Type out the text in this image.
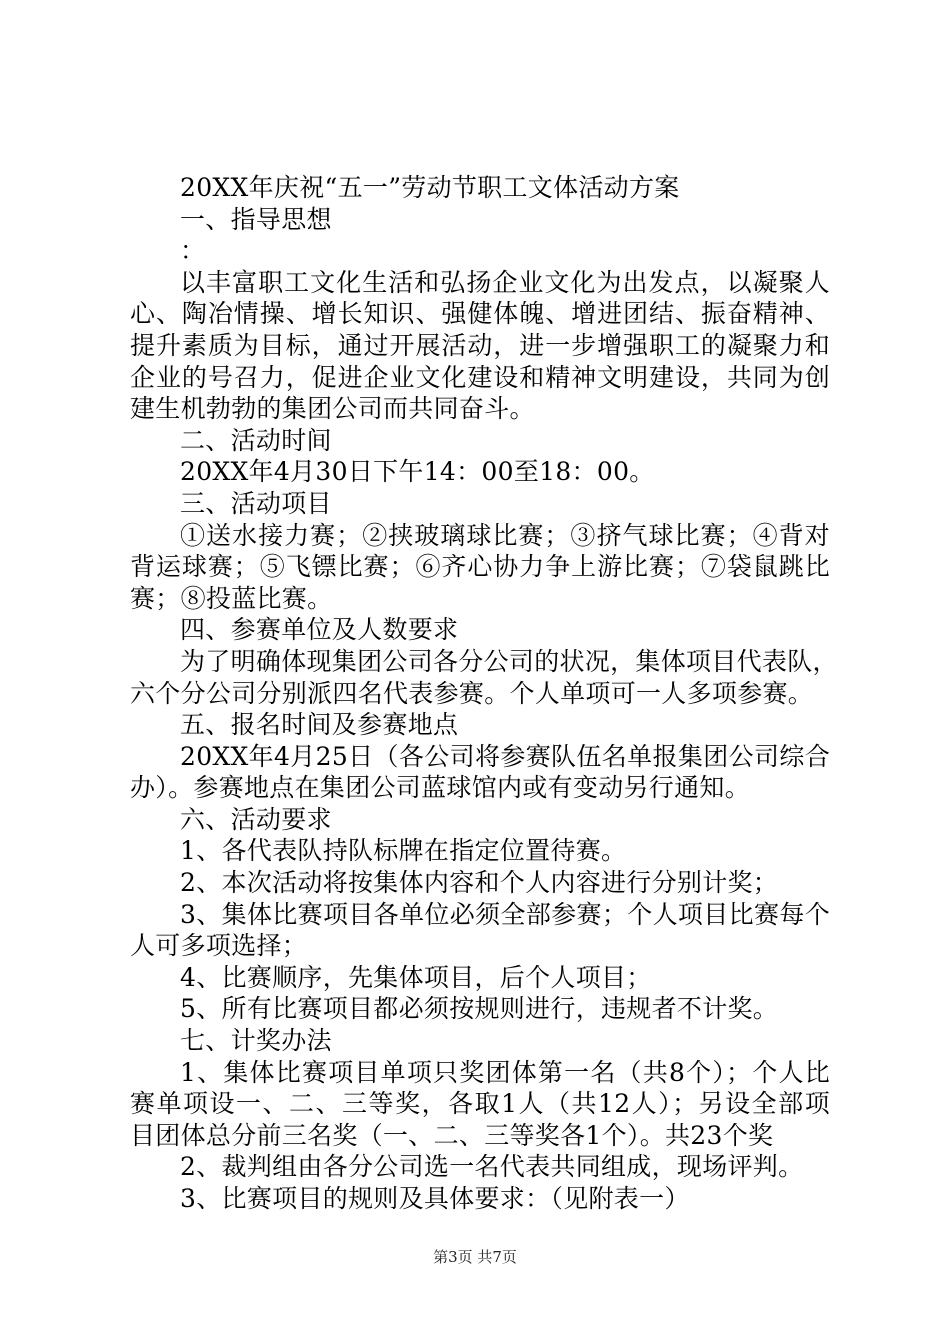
20XX年庆祝“五一”劳动节职工文体活动方案
一、指导思想
：
以丰富职工文化生活和弘扬企业文化为出发点，以凝聚人
心、陶冶情操、增长知识、强健体魄、增进团结、振奋精神、
提升素质为目标，通过开展活动，进一步增强职工的凝聚力和
企业的号召力，促进企业文化建设和精神文明建设，共同为创
建生机勃勃的集团公司而共同奋斗。
二、活动时间
20XX年4月30日下午14：00至18：00。
三、活动项目
①送水接力赛；②挟玻璃球比赛；③挤气球比赛；④背对
背运球赛；⑤飞镖比赛；⑥齐心协力争上游比赛；⑦袋鼠跳比
赛；⑧投蓝比赛。
四、参赛单位及人数要求
为了明确体现集团公司各分公司的状况，集体项目代表队，
六个分公司分别派四名代表参赛。个人单项可一人多项参赛。
五、报名时间及参赛地点
20XX年4月25日（各公司将参赛队伍名单报集团公司综合
办）。参赛地点在集团公司蓝球馆内或有变动另行通知。
六、活动要求
1、各代表队持队标牌在指定位置待赛。
2、本次活动将按集体内容和个人内容进行分别计奖；
3、集体比赛项目各单位必须全部参赛；个人项目比赛每个
人可多项选择；
4、比赛顺序，先集体项目，后个人项目；
5、所有比赛项目都必须按规则进行，违规者不计奖。
七、计奖办法
1、集体比赛项目单项只奖团体第一名（共8个）；个人比
赛单项设一、二、三等奖，各取1人（共12人）；另设全部项
目团体总分前三名奖（一、二、三等奖各1个）。共23个奖
2、裁判组由各分公司选一名代表共同组成，现场评判。
3、比赛项目的规则及具体要求：（见附表一）
第3页 共7页
